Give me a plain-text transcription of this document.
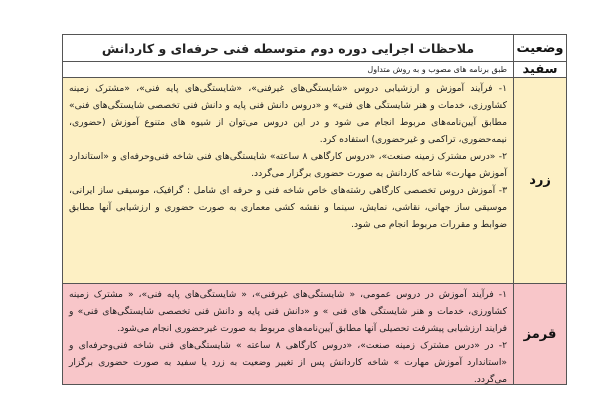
وضعیت
ملاحظات اجرایی دوره دوم متوسطه فنی حرفه‌ای و کاردانش
سفید
طبق برنامه های مصوب و به روش متداول
زرد
۱- فرآیند آموزش و ارزشیابی دروس «شایستگی‌های غیرفنی»، «شایستگی‌های پایه فنی»، «مشترک زمینه کشاورزی، خدمات و هنر شایستگی های فنی» و «دروس دانش فنی پایه و دانش فنی تخصصی شایستگی‌های فنی» مطابق آیین‌نامه‌های مربوط انجام می شود و در این دروس می‌توان از شیوه های متنوع آموزش (حضوری، نیمه‌حضوری، تراکمی و غیرحضوری) استفاده کرد.
۲- «درس مشترک زمینه صنعت»، «دروس کارگاهی ۸ ساعته» شایستگی‌های فنی شاخه فنی‌وحرفه‌ای و «استاندارد آموزش مهارت» شاخه کاردانش به صورت حضوری برگزار می‌گردد.
۳- آموزش دروس تخصصی کارگاهی رشته‌های خاص شاخه فنی و حرفه ای شامل : گرافیک، موسیقی ساز ایرانی، موسیقی ساز جهانی، نقاشی، نمایش، سینما و نقشه کشی معماری به صورت حضوری و ارزشیابی آنها مطابق ضوابط و مقررات مربوط انجام می شود.
قرمز
۱- فرآیند آموزش در دروس عمومی، « شایستگی‌های غیرفنی»، « شایستگی‌های پایه فنی»، « مشترک زمینه کشاورزی، خدمات و هنر شایستگی های فنی » و «دانش فنی پایه و دانش فنی تخصصی شایستگی‌های فنی» و فرایند ارزشیابی پیشرفت تحصیلی آنها مطابق آیین‌نامه‌های مربوط به صورت غیرحضوری انجام می‌شود.
۲- در «درس مشترک زمینه صنعت»، «دروس کارگاهی ۸ ساعته » شایستگی‌های فنی شاخه فنی‌وحرفه‌ای و «استاندارد آموزش مهارت » شاخه کاردانش پس از تغییر وضعیت به زرد یا سفید به صورت حضوری برگزار می‌گردد.
